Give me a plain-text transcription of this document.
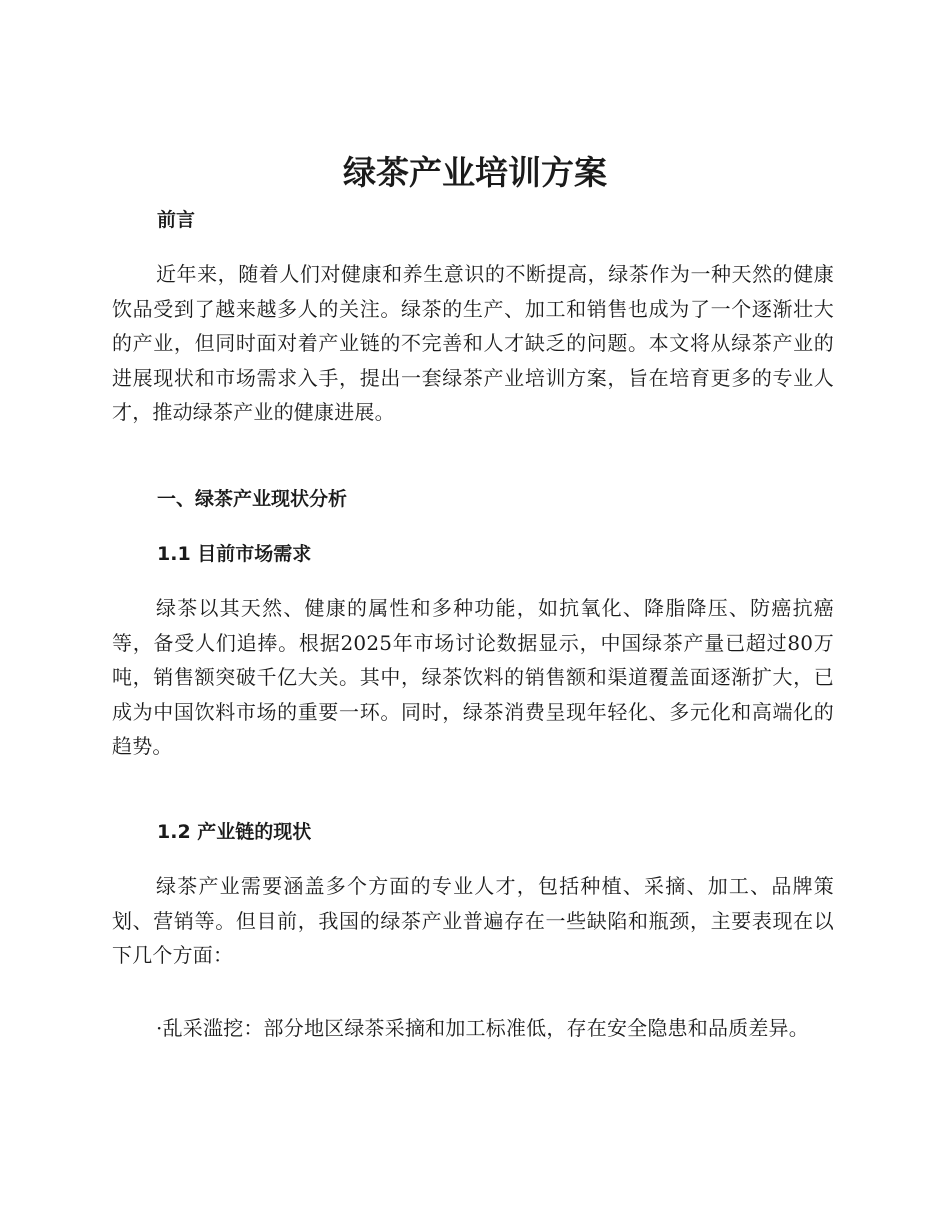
绿茶产业培训方案
前言

近年来，随着人们对健康和养生意识的不断提高，绿茶作为一种天然的健康饮品受到了越来越多人的关注。绿茶的生产、加工和销售也成为了一个逐渐壮大的产业，但同时面对着产业链的不完善和人才缺乏的问题。本文将从绿茶产业的进展现状和市场需求入手，提出一套绿茶产业培训方案，旨在培育更多的专业人才，推动绿茶产业的健康进展。

一、绿茶产业现状分析
1.1 目前市场需求

绿茶以其天然、健康的属性和多种功能，如抗氧化、降脂降压、防癌抗癌等，备受人们追捧。根据2025年市场讨论数据显示，中国绿茶产量已超过80万吨，销售额突破千亿大关。其中，绿茶饮料的销售额和渠道覆盖面逐渐扩大，已成为中国饮料市场的重要一环。同时，绿茶消费呈现年轻化、多元化和高端化的趋势。

1.2 产业链的现状

绿茶产业需要涵盖多个方面的专业人才，包括种植、采摘、加工、品牌策划、营销等。但目前，我国的绿茶产业普遍存在一些缺陷和瓶颈，主要表现在以下几个方面：

·乱采滥挖：部分地区绿茶采摘和加工标准低，存在安全隐患和品质差异。
